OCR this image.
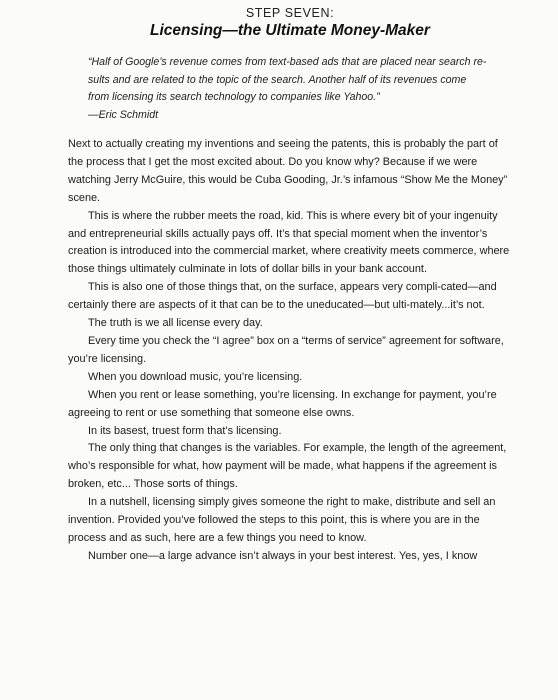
STEP SEVEN:
Licensing—the Ultimate Money-Maker

“Half of Google’s revenue comes from text-based ads that are placed near search re-

sults and are related to the topic of the search. Another half of its revenues come

from licensing its search technology to companies like Yahoo.”

—Eric Schmidt

Next to actually creating my inventions and seeing the patents, this is probably the part of the process that I get the most excited about. Do you know why? Because if we were watching Jerry McGuire, this would be Cuba Gooding, Jr.’s infamous “Show Me the Money” scene.

This is where the rubber meets the road, kid. This is where every bit of your ingenuity and entrepreneurial skills actually pays off. It’s that special moment when the inventor’s creation is introduced into the commercial market, where creativity meets commerce, where those things ultimately culminate in lots of dollar bills in your bank account.

This is also one of those things that, on the surface, appears very compli-cated—and certainly there are aspects of it that can be to the uneducated—but ulti-mately...it’s not.

The truth is we all license every day.

Every time you check the “I agree” box on a “terms of service” agreement for software, you’re licensing.

When you download music, you’re licensing.

When you rent or lease something, you’re licensing. In exchange for payment, you’re agreeing to rent or use something that someone else owns.

In its basest, truest form that’s licensing.

The only thing that changes is the variables. For example, the length of the agreement, who’s responsible for what, how payment will be made, what happens if the agreement is broken, etc... Those sorts of things.

In a nutshell, licensing simply gives someone the right to make, distribute and sell an invention. Provided you’ve followed the steps to this point, this is where you are in the process and as such, here are a few things you need to know.

Number one—a large advance isn’t always in your best interest. Yes, yes, I know
